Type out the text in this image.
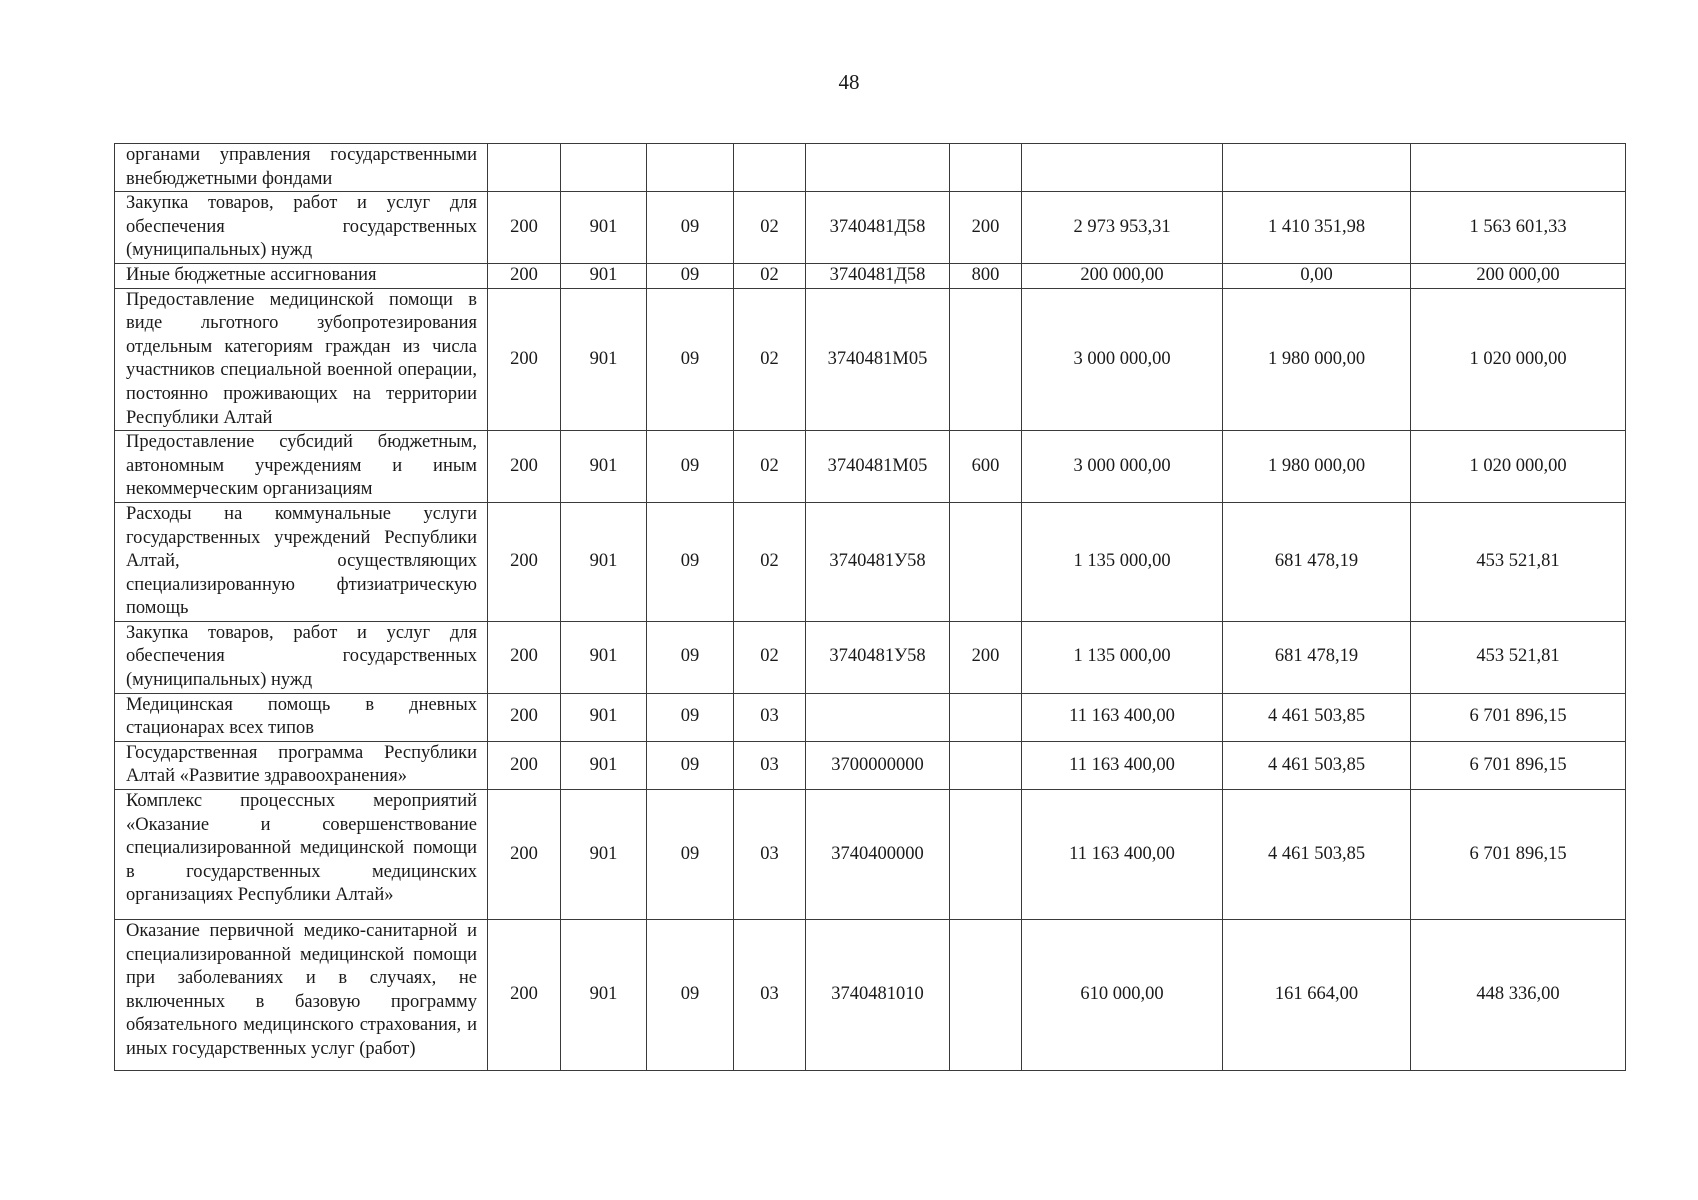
48
органами управления государственными внебюджетными фондами									
Закупка товаров, работ и услуг для обеспечения государственных (муниципальных) нужд	200	901	09	02	3740481Д58	200	2 973 953,31	1 410 351,98	1 563 601,33
Иные бюджетные ассигнования	200	901	09	02	3740481Д58	800	200 000,00	0,00	200 000,00
Предоставление медицинской помощи в виде льготного зубопротезирования отдельным категориям граждан из числа участников специальной военной операции, постоянно проживающих на территории Республики Алтай	200	901	09	02	3740481М05		3 000 000,00	1 980 000,00	1 020 000,00
Предоставление субсидий бюджетным, автономным учреждениям и иным некоммерческим организациям	200	901	09	02	3740481М05	600	3 000 000,00	1 980 000,00	1 020 000,00
Расходы на коммунальные услуги государственных учреждений Республики Алтай, осуществляющих специализированную фтизиатрическую помощь	200	901	09	02	3740481У58		1 135 000,00	681 478,19	453 521,81
Закупка товаров, работ и услуг для обеспечения государственных (муниципальных) нужд	200	901	09	02	3740481У58	200	1 135 000,00	681 478,19	453 521,81
Медицинская помощь в дневных стационарах всех типов	200	901	09	03			11 163 400,00	4 461 503,85	6 701 896,15
Государственная программа Республики Алтай «Развитие здравоохранения»	200	901	09	03	3700000000		11 163 400,00	4 461 503,85	6 701 896,15
Комплекс процессных мероприятий «Оказание и совершенствование специализированной медицинской помощи в государственных медицинских организациях Республики Алтай»	200	901	09	03	3740400000		11 163 400,00	4 461 503,85	6 701 896,15
Оказание первичной медико-санитарной и специализированной медицинской помощи при заболеваниях и в случаях, не включенных в базовую программу обязательного медицинского страхования, и иных государственных услуг (работ)	200	901	09	03	3740481010		610 000,00	161 664,00	448 336,00
